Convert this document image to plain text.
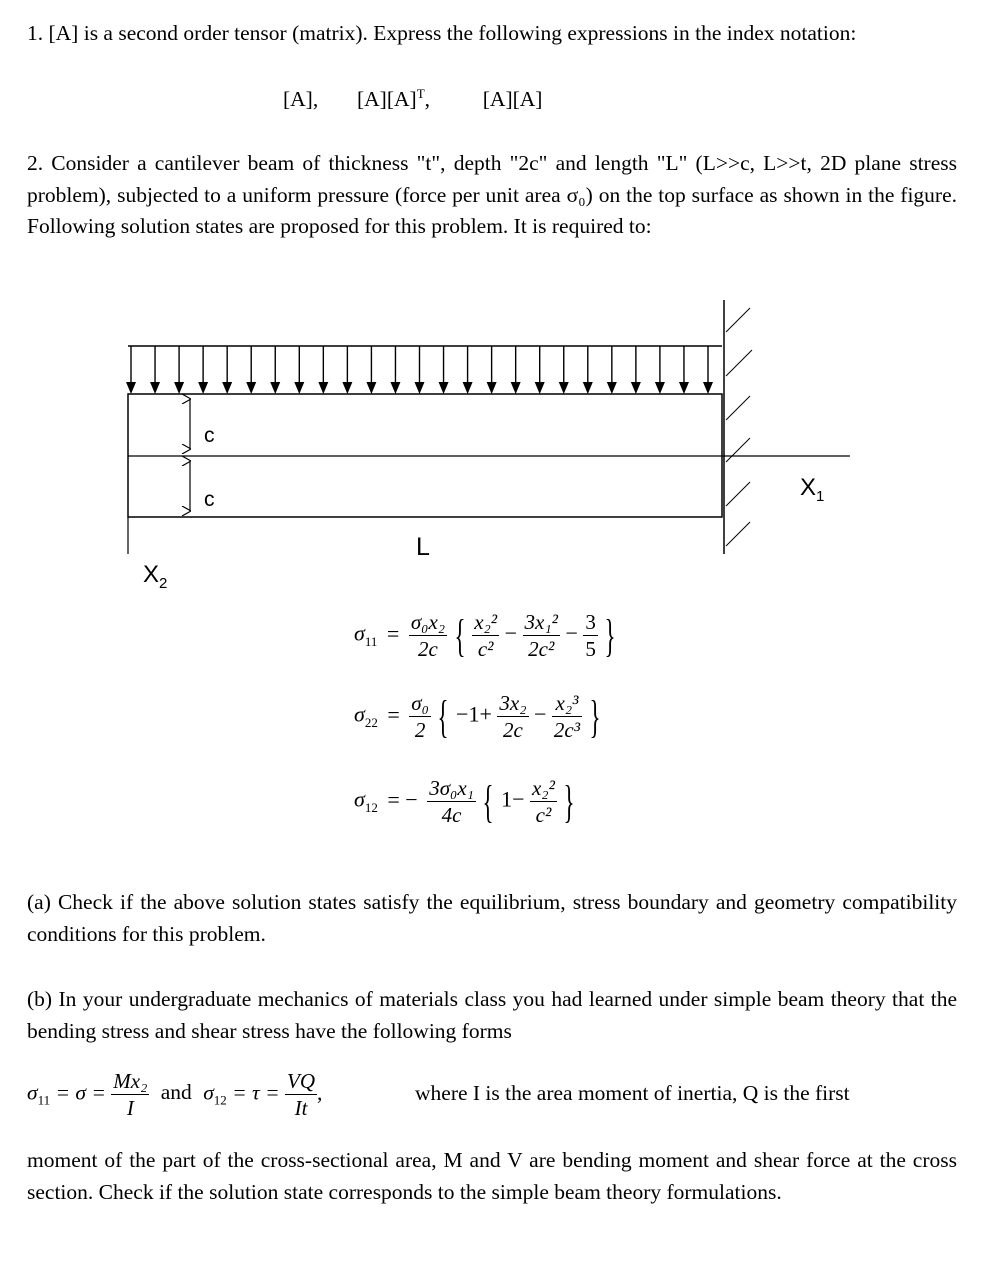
1. [A] is a second order tensor (matrix). Express the following expressions in the index notation:
[A], $[A][A]^T$, [A][A]
2. Consider a cantilever beam of thickness "t", depth "2c" and length "L" (L>>c, L>>t, 2D plane stress problem), subjected to a uniform pressure (force per unit area σ₀) on the top surface as shown in the figure. Following solution states are proposed for this problem. It is required to:
c
c
L
$X_1$
$X_2$
$\sigma_{11} = \frac{\text{σ₀x₂}}{2c}$ { $\frac{\text{x₂²}}{\text{c²}} - \frac{\text{3x₁²}}{\text{2c²}} - \frac{3}{5}$ }
$\sigma_{22} = \frac{\text{σ₀}}{2}$ { $-1+ \frac{\text{3x₂}}{2c} - \frac{\text{x₂³}}{\text{2c³}}$ }
$\sigma_{12}$ = − $\frac{\text{3σ₀x₁}}{4c}$ { $1- \frac{\text{x₂²}}{\text{c²}}$ }
(a) Check if the above solution states satisfy the equilibrium, stress boundary and geometry compatibility conditions for this problem.
(b) In your undergraduate mechanics of materials class you had learned under simple beam theory that the bending stress and shear stress have the following forms
$\sigma_{11} = \sigma = \frac{\text{Mx₂}}{I}$ and $\sigma_{12} = \tau = \frac{VQ}{It}$ ,	where I is the area moment of inertia, Q is the first
moment of the part of the cross-sectional area, M and V are bending moment and shear force at the cross section. Check if the solution state corresponds to the simple beam theory formulations.
